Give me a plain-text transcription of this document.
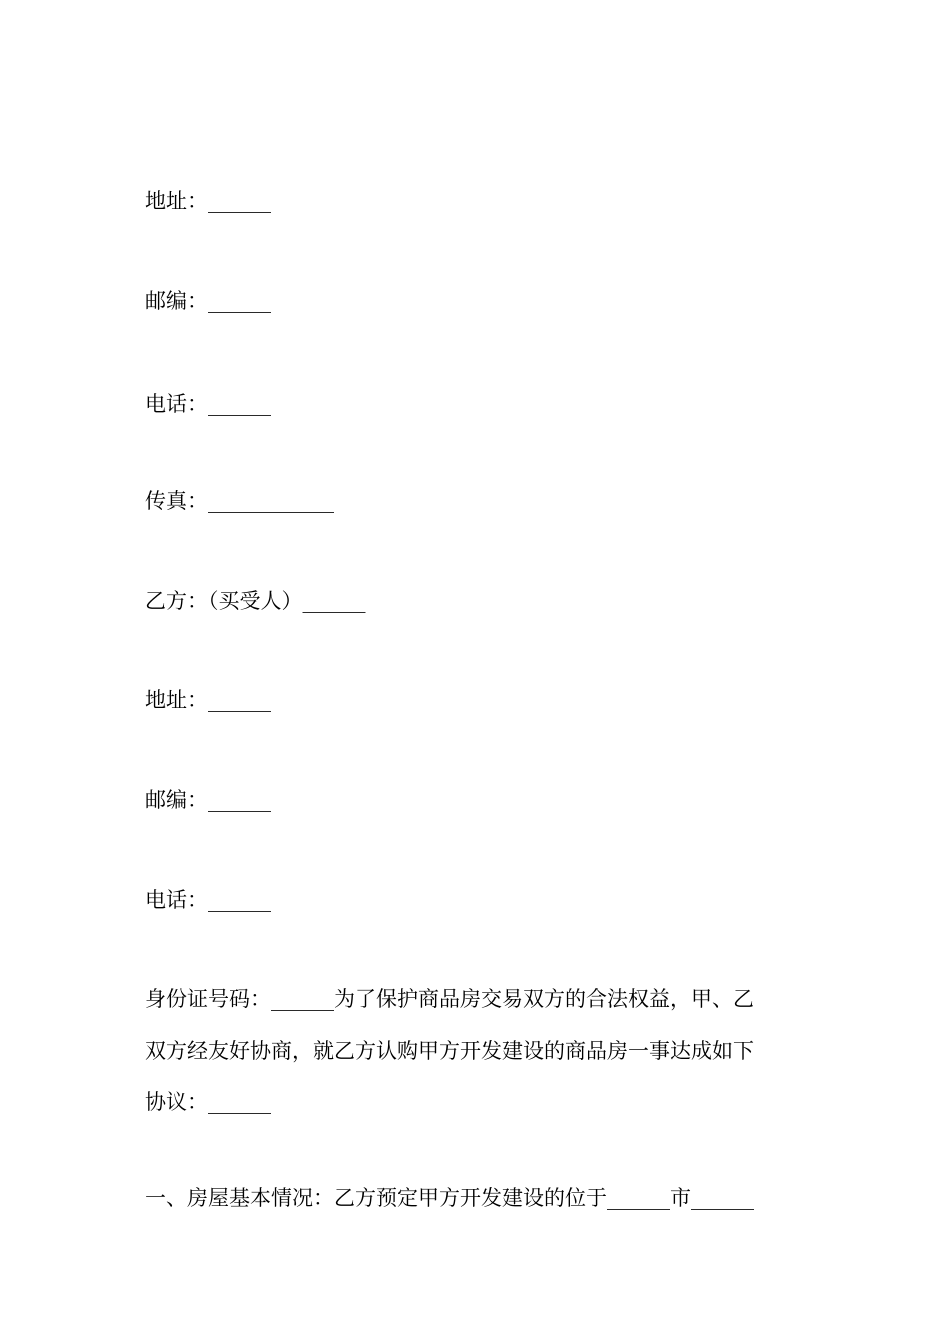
地址：______
邮编：______
电话：______
传真：____________
乙方：（买受人）______
地址：______
邮编：______
电话：______
身份证号码：______为了保护商品房交易双方的合法权益，甲、乙
双方经友好协商，就乙方认购甲方开发建设的商品房一事达成如下
协议：______
一、房屋基本情况：乙方预定甲方开发建设的位于______市______
